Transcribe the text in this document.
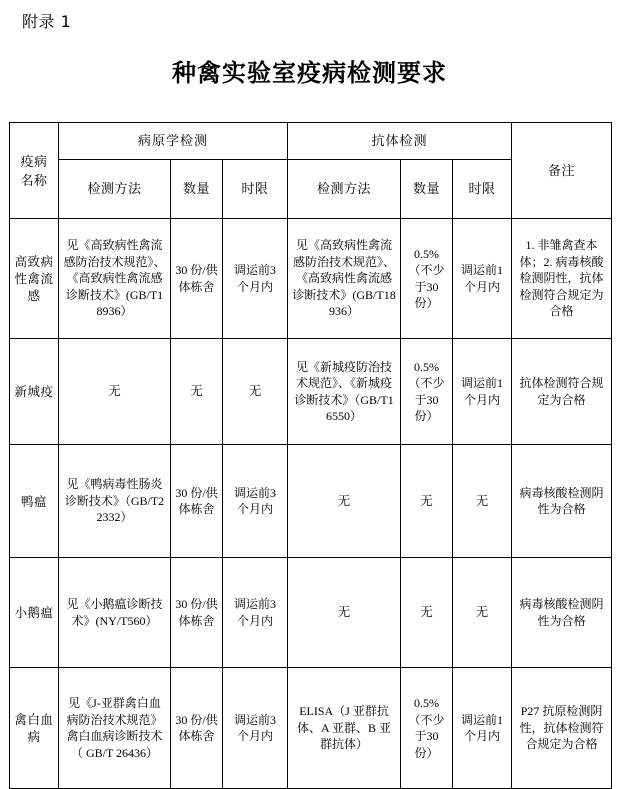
附录 1
种禽实验室疫病检测要求
疫病名称	病原学检测			抗体检测			备注
	检测方法	数量	时限	检测方法	数量	时限	
高致病性禽流感	见《高致病性禽流感防治技术规范》、《高致病性禽流感诊断技术》(GB/T18936）	30 份/供体栋舍	调运前3 个月内	见《高致病性禽流感防治技术规范》、《高致病性禽流感诊断技术》(GB/T18936）	0.5%（不少于30 份）	调运前1 个月内	1. 非雏禽查本体；2. 病毒核酸检测阴性，抗体检测符合规定为合格
新城疫	无	无	无	见《新城疫防治技术规范》、《新城疫诊断技术》（GB/T16550）	0.5%（不少于30 份）	调运前1 个月内	抗体检测符合规定为合格
鸭瘟	见《鸭病毒性肠炎诊断技术》（GB/T22332）	30 份/供体栋舍	调运前3 个月内	无	无	无	病毒核酸检测阴性为合格
小鹅瘟	见《小鹅瘟诊断技术》(NY/T560）	30 份/供体栋舍	调运前3 个月内	无	无	无	病毒核酸检测阴性为合格
禽白血病	见《J-亚群禽白血病防治技术规范》禽白血病诊断技术（ GB/T 26436）	30 份/供体栋舍	调运前3 个月内	ELISA（J 亚群抗体、A 亚群、B 亚群抗体）	0.5%（不少于30 份）	调运前1 个月内	P27 抗原检测阴性，抗体检测符合规定为合格
